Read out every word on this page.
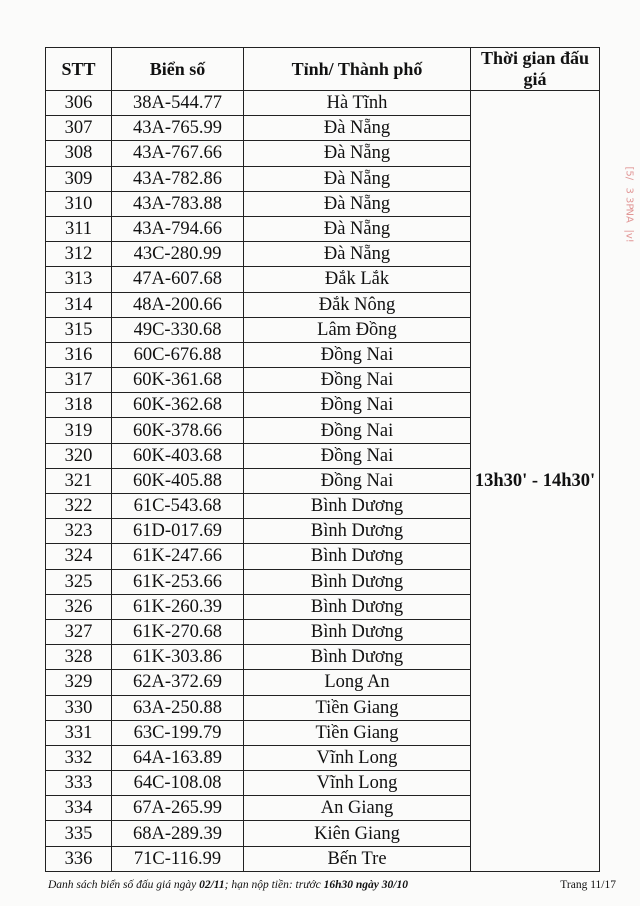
STT	Biển số	Tỉnh/ Thành phố	Thời gian đấu giá
306	38A-544.77	Hà Tĩnh	13h30' - 14h30'
307	43A-765.99	Đà Nẵng	
308	43A-767.66	Đà Nẵng	
309	43A-782.86	Đà Nẵng	
310	43A-783.88	Đà Nẵng	
311	43A-794.66	Đà Nẵng	
312	43C-280.99	Đà Nẵng	
313	47A-607.68	Đắk Lắk	
314	48A-200.66	Đắk Nông	
315	49C-330.68	Lâm Đồng	
316	60C-676.88	Đồng Nai	
317	60K-361.68	Đồng Nai	
318	60K-362.68	Đồng Nai	
319	60K-378.66	Đồng Nai	
320	60K-403.68	Đồng Nai	
321	60K-405.88	Đồng Nai	
322	61C-543.68	Bình Dương	
323	61D-017.69	Bình Dương	
324	61K-247.66	Bình Dương	
325	61K-253.66	Bình Dương	
326	61K-260.39	Bình Dương	
327	61K-270.68	Bình Dương	
328	61K-303.86	Bình Dương	
329	62A-372.69	Long An	
330	63A-250.88	Tiền Giang	
331	63C-199.79	Tiền Giang	
332	64A-163.89	Vĩnh Long	
333	64C-108.08	Vĩnh Long	
334	67A-265.99	An Giang	
335	68A-289.39	Kiên Giang	
336	71C-116.99	Bến Tre	
Danh sách biển số đấu giá ngày 02/11; hạn nộp tiền: trước 16h30 ngày 30/10	Trang 11/17
[5/
3 3P
NA
|v!
